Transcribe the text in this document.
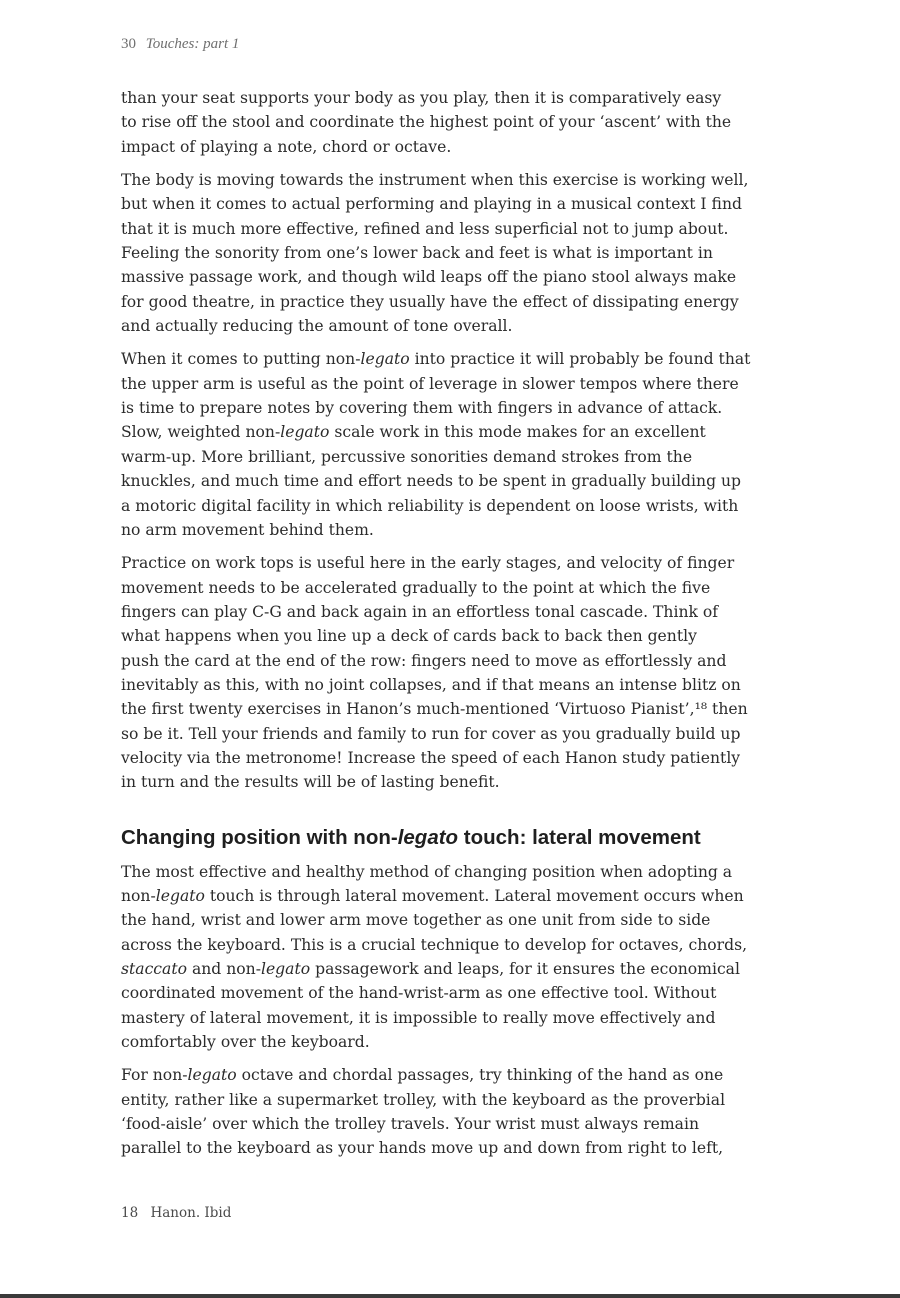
30 Touches: part 1

than your seat supports your body as you play, then it is comparatively easy
to rise off the stool and coordinate the highest point of your ‘ascent’ with the
impact of playing a note, chord or octave.

The body is moving towards the instrument when this exercise is working well,
but when it comes to actual performing and playing in a musical context I find
that it is much more effective, refined and less superficial not to jump about.
Feeling the sonority from one’s lower back and feet is what is important in
massive passage work, and though wild leaps off the piano stool always make
for good theatre, in practice they usually have the effect of dissipating energy
and actually reducing the amount of tone overall.

When it comes to putting non-legato into practice it will probably be found that
the upper arm is useful as the point of leverage in slower tempos where there
is time to prepare notes by covering them with fingers in advance of attack.
Slow, weighted non-legato scale work in this mode makes for an excellent
warm-up. More brilliant, percussive sonorities demand strokes from the
knuckles, and much time and effort needs to be spent in gradually building up
a motoric digital facility in which reliability is dependent on loose wrists, with
no arm movement behind them.

Practice on work tops is useful here in the early stages, and velocity of finger
movement needs to be accelerated gradually to the point at which the five
fingers can play C-G and back again in an effortless tonal cascade. Think of
what happens when you line up a deck of cards back to back then gently
push the card at the end of the row: fingers need to move as effortlessly and
inevitably as this, with no joint collapses, and if that means an intense blitz on
the first twenty exercises in Hanon’s much-mentioned ‘Virtuoso Pianist’,¹⁸ then
so be it. Tell your friends and family to run for cover as you gradually build up
velocity via the metronome! Increase the speed of each Hanon study patiently
in turn and the results will be of lasting benefit.

Changing position with non-legato touch: lateral movement

The most effective and healthy method of changing position when adopting a
non-legato touch is through lateral movement. Lateral movement occurs when
the hand, wrist and lower arm move together as one unit from side to side
across the keyboard. This is a crucial technique to develop for octaves, chords,
staccato and non-legato passagework and leaps, for it ensures the economical
coordinated movement of the hand-wrist-arm as one effective tool. Without
mastery of lateral movement, it is impossible to really move effectively and
comfortably over the keyboard.

For non-legato octave and chordal passages, try thinking of the hand as one
entity, rather like a supermarket trolley, with the keyboard as the proverbial
‘food-aisle’ over which the trolley travels. Your wrist must always remain
parallel to the keyboard as your hands move up and down from right to left,

18 Hanon. Ibid
